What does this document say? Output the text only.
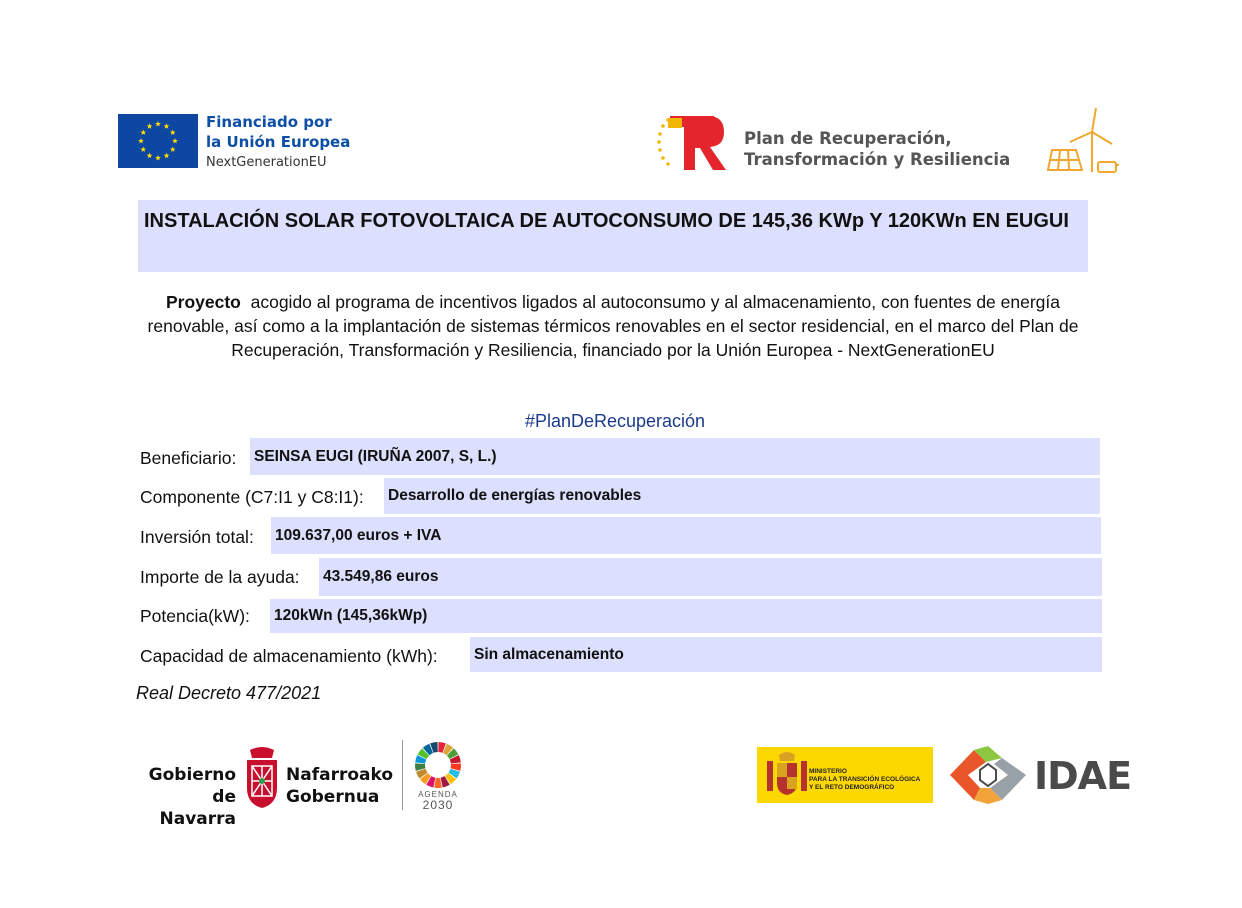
Financiado por
la Unión Europea
NextGenerationEU
Plan de Recuperación,
Transformación y Resiliencia
INSTALACIÓN SOLAR FOTOVOLTAICA DE AUTOCONSUMO DE 145,36 KWp Y 120KWn EN EUGUI
Proyecto acogido al programa de incentivos ligados al autoconsumo y al almacenamiento, con fuentes de energía renovable, así como a la implantación de sistemas térmicos renovables en el sector residencial, en el marco del Plan de Recuperación, Transformación y Resiliencia, financiado por la Unión Europea - NextGenerationEU
#PlanDeRecuperación
Beneficiario: SEINSA EUGI (IRUÑA 2007, S, L.)
Componente (C7:I1 y C8:I1): Desarrollo de energías renovables
Inversión total: 109.637,00 euros + IVA
Importe de la ayuda: 43.549,86 euros
Potencia(kW): 120kWn (145,36kWp)
Capacidad de almacenamiento (kWh): Sin almacenamiento
Real Decreto 477/2021
Gobierno
de Navarra
Nafarroako
Gobernua	AGENDA
2030
MINISTERIO
PARA LA TRANSICIÓN ECOLÓGICA
Y EL RETO DEMOGRÁFICO	IDAE
